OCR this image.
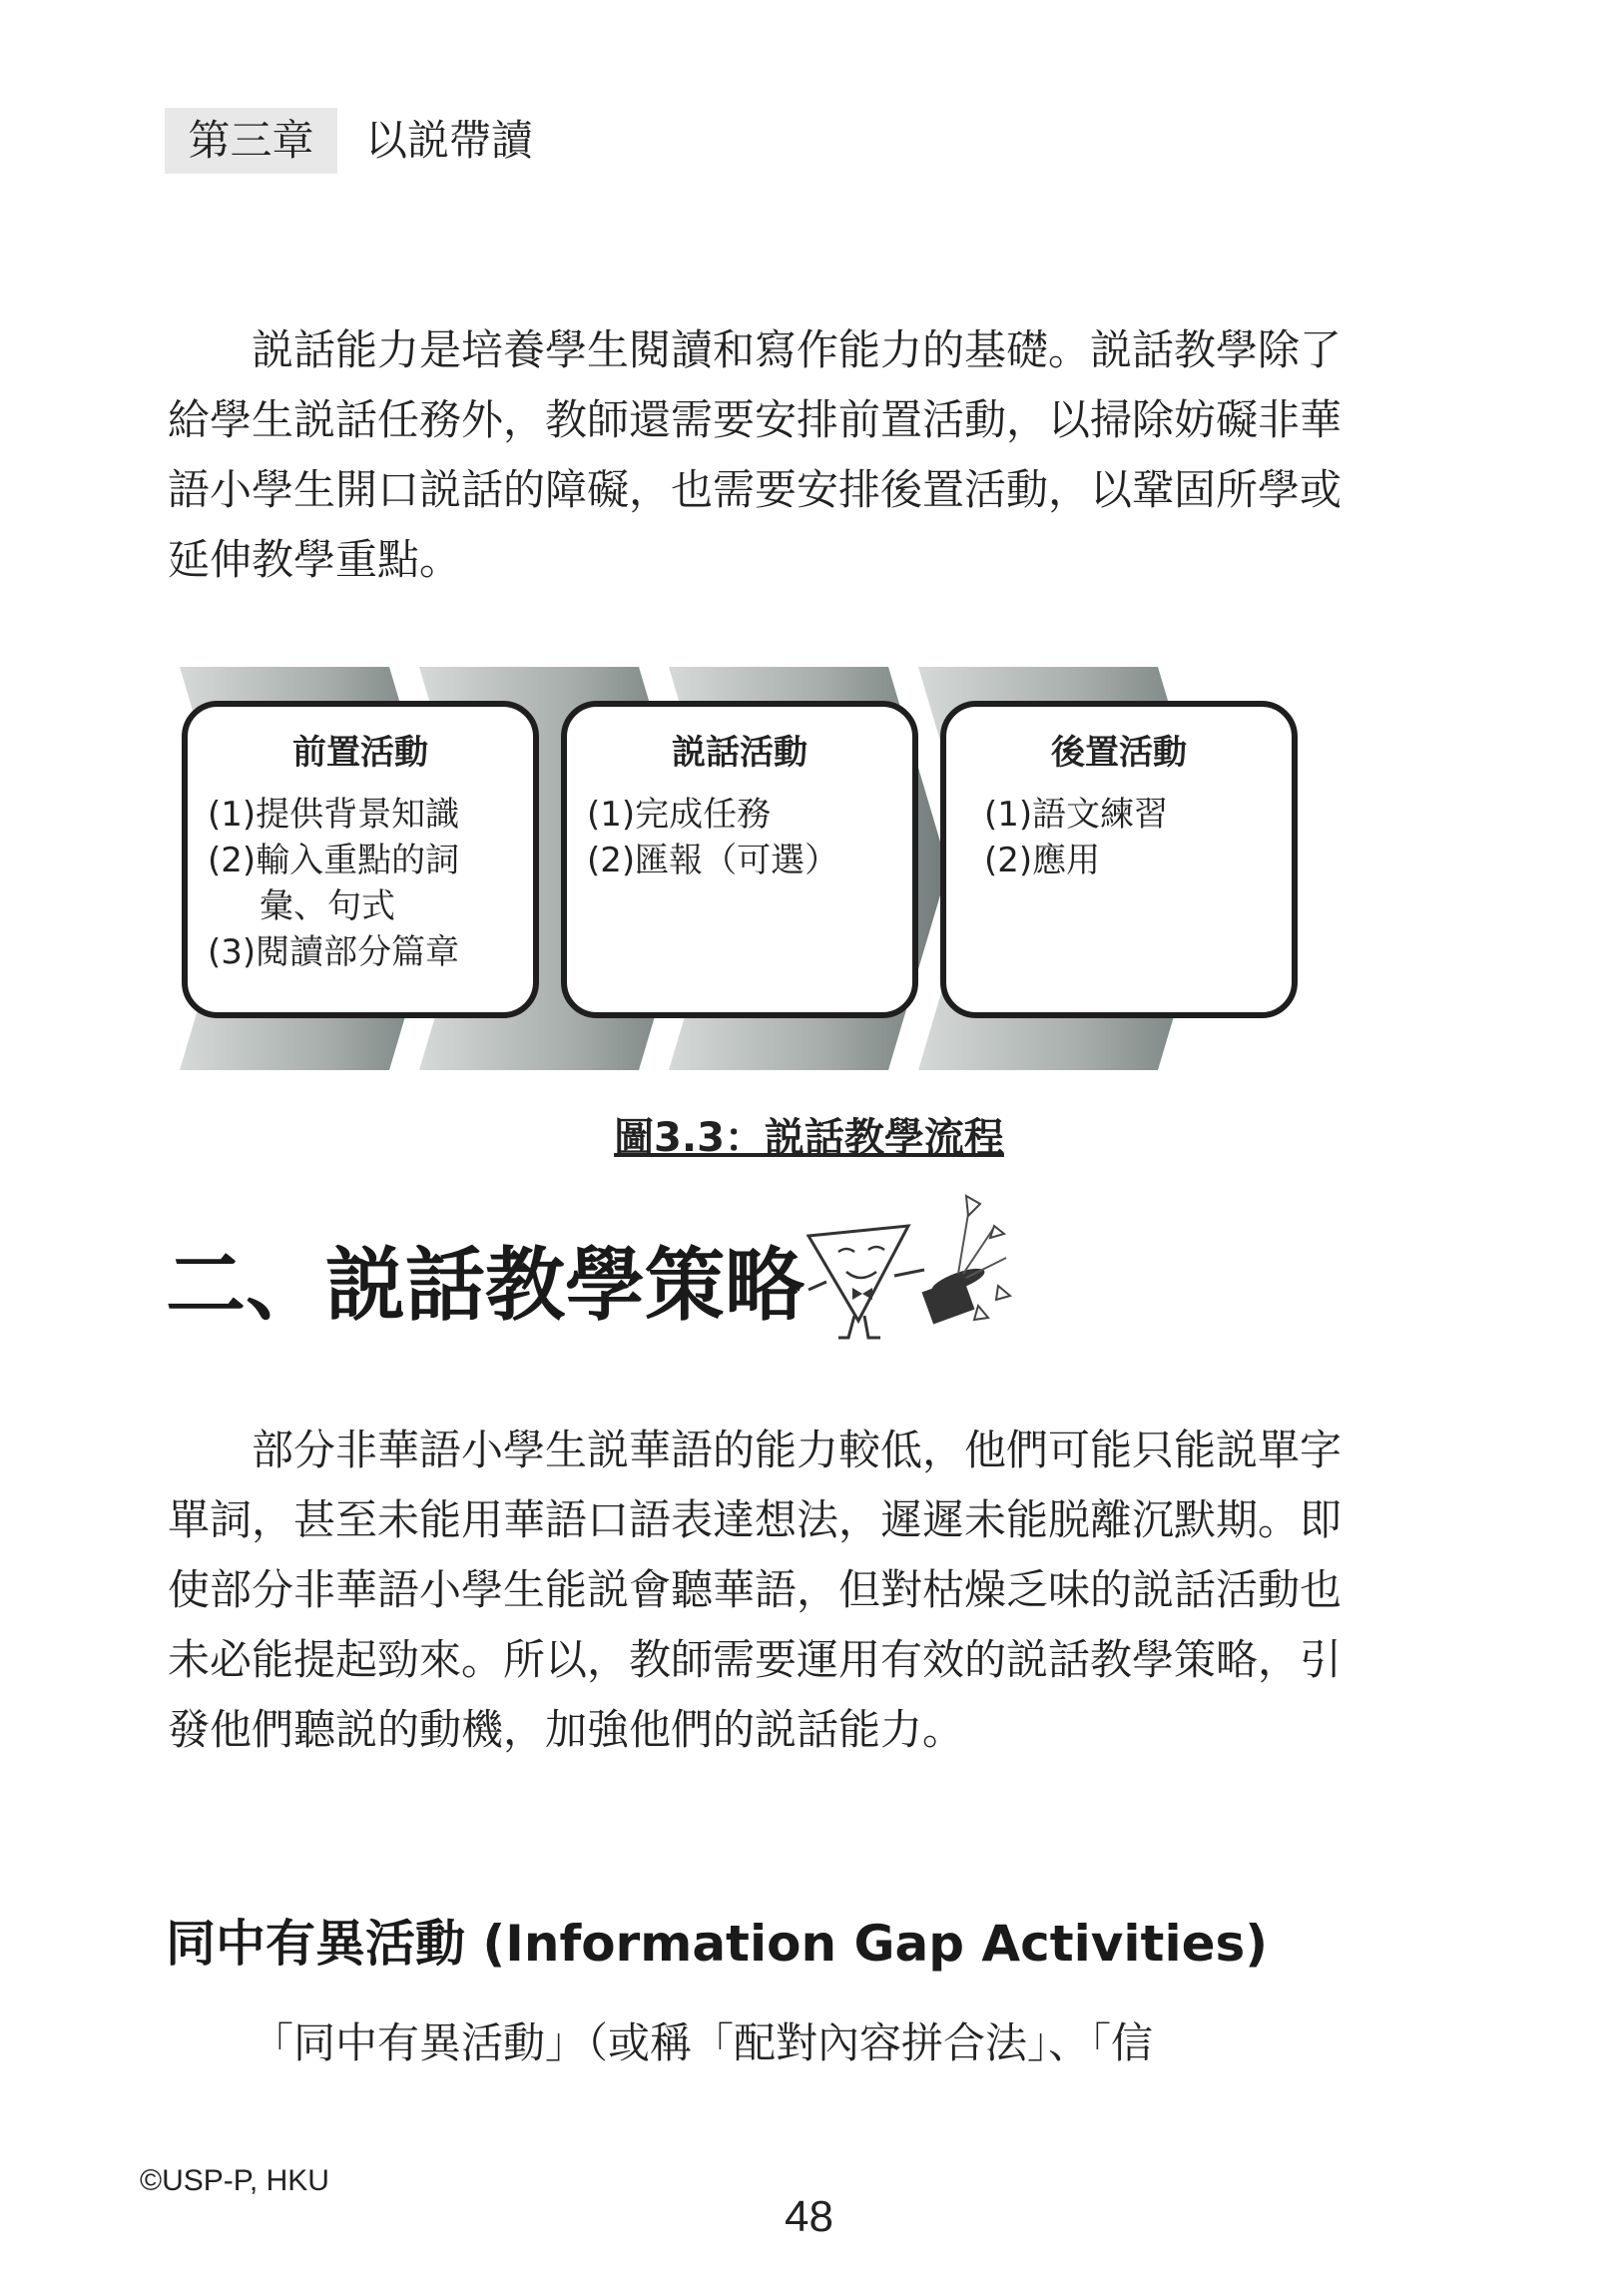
第三章	以説帶讀

説話能力是培養學生閱讀和寫作能力的基礎。説話教學除了給學生説話任務外，教師還需要安排前置活動，以掃除妨礙非華語小學生開口説話的障礙，也需要安排後置活動，以鞏固所學或延伸教學重點。

前置活動
(1)提供背景知識
(2)輸入重點的詞
彙、句式
(3)閱讀部分篇章
説話活動
(1)完成任務
(2)匯報（可選）
後置活動
(1)語文練習
(2)應用
圖3.3：説話教學流程
二、説話教學策略

部分非華語小學生説華語的能力較低，他們可能只能説單字單詞，甚至未能用華語口語表達想法，遲遲未能脱離沉默期。即使部分非華語小學生能説會聽華語，但對枯燥乏味的説話活動也未必能提起勁來。所以，教師需要運用有效的説話教學策略，引發他們聽説的動機，加強他們的説話能力。

同中有異活動 (Information Gap Activities)

「同中有異活動」（或稱「配對內容拼合法」、「信

©USP-P, HKU
48
